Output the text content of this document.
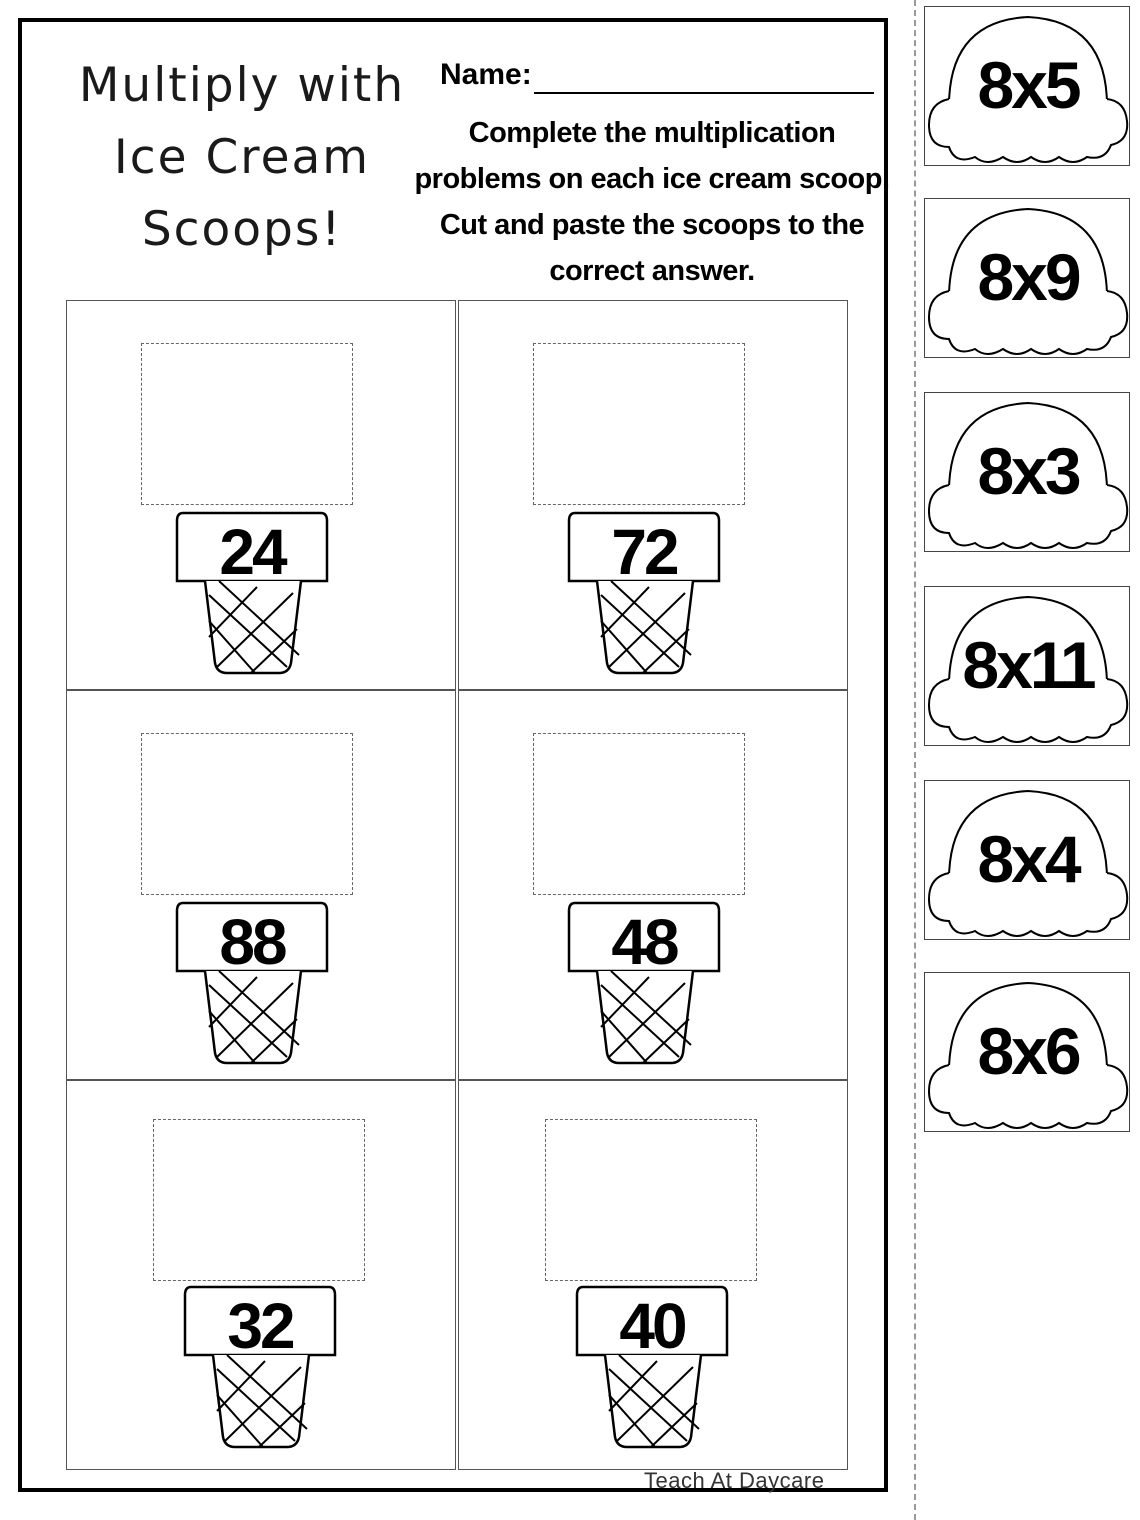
Multiply with
Ice Cream
Scoops!
Name:
Complete the multiplication problems on each ice cream scoop. Cut and paste the scoops to the correct answer.
24	72
88	48
32	40
Teach At Daycare
8x5
8x9
8x3
8x11
8x4
8x6
